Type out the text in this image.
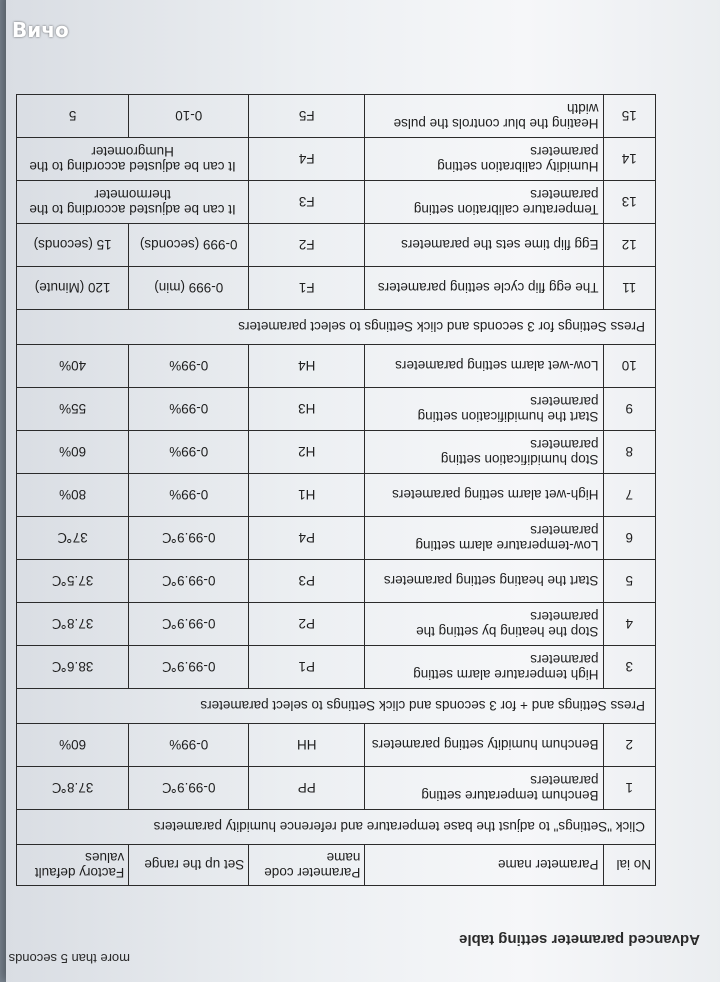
more than 5 seconds
Advanced parameter setting table
No ial	Parameter name	Parameter code name	Set up the range	Factory default values
Click "Settings" to adjust the base temperature and reference humidity parameters				
1	Benchum temperature setting parameters	PP	0-99.9℃	37.8℃
2	Benchum humidity setting parameters	HH	0-99%	60%
Press Settings and + for 3 seconds and click Settings to select parameters				
3	High temperature alarm setting parameters	P1	0-99.9℃	38.6℃
4	Stop the heating by setting the parameters	P2	0-99.9℃	37.8℃
5	Start the heating setting parameters	P3	0-99.9℃	37.5℃
6	Low-temperature alarm setting parameters	P4	0-99.9℃	37℃
7	High-wet alarm setting parameters	H1	0-99%	80%
8	Stop humidification setting parameters	H2	0-99%	60%
9	Start the humidification setting parameters	H3	0-99%	55%
10	Low-wet alarm setting parameters	H4	0-99%	40%
Press Settings for 3 seconds and click Settings to select parameters				
11	The egg flip cycle setting parameters	F1	0-999 (min)	120 (Minute)
12	Egg flip time sets the parameters	F2	0-999 (seconds)	15 (seconds)
13	Temperature calibration setting parameters	F3	It can be adjusted according to the thermometer	
14	Humidity calibration setting parameters	F4	It can be adjusted according to the Humgrometer	
15	Heating the blur controls the pulse width	F5	0-10	5
Вичо
